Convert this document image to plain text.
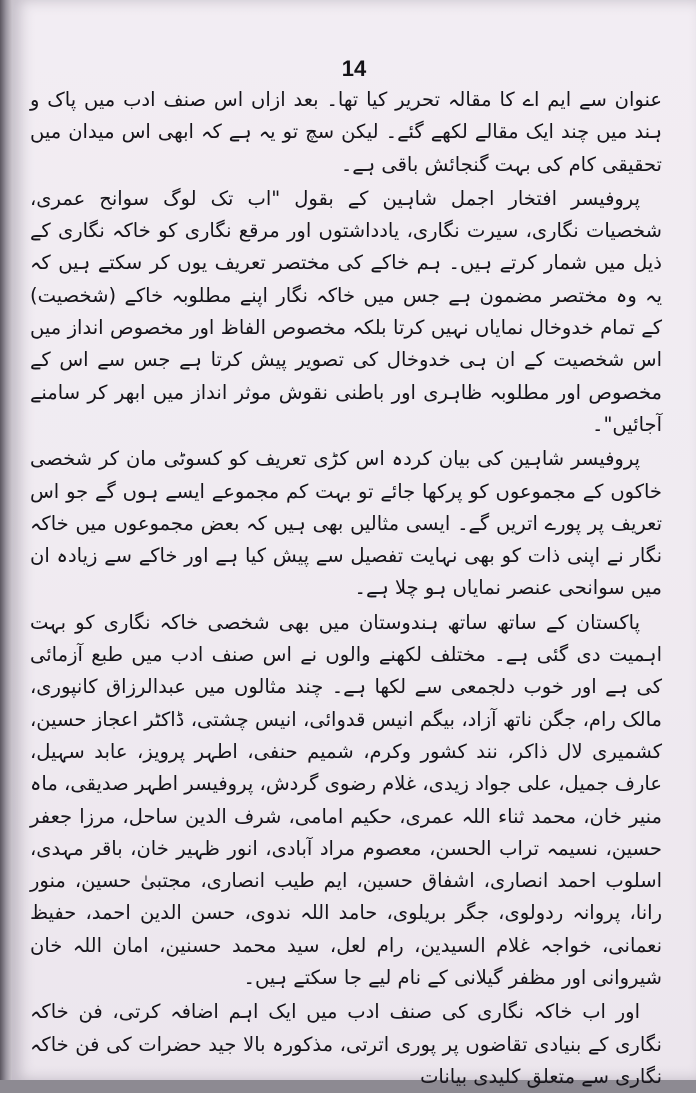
14

عنوان سے ایم اے کا مقالہ تحریر کیا تھا۔ بعد ازاں اس صنف ادب میں پاک و ہند میں چند ایک مقالے لکھے گئے۔ لیکن سچ تو یہ ہے کہ ابھی اس میدان میں تحقیقی کام کی بہت گنجائش باقی ہے۔

پروفیسر افتخار اجمل شاہین کے بقول "اب تک لوگ سوانح عمری، شخصیات نگاری، سیرت نگاری، یادداشتوں اور مرقع نگاری کو خاکہ نگاری کے ذیل میں شمار کرتے ہیں۔ ہم خاکے کی مختصر تعریف یوں کر سکتے ہیں کہ یہ وہ مختصر مضمون ہے جس میں خاکہ نگار اپنے مطلوبہ خاکے (شخصیت) کے تمام خدوخال نمایاں نہیں کرتا بلکہ مخصوص الفاظ اور مخصوص انداز میں اس شخصیت کے ان ہی خدوخال کی تصویر پیش کرتا ہے جس سے اس کے مخصوص اور مطلوبہ ظاہری اور باطنی نقوش موثر انداز میں ابھر کر سامنے آجائیں"۔

پروفیسر شاہین کی بیان کردہ اس کڑی تعریف کو کسوٹی مان کر شخصی خاکوں کے مجموعوں کو پرکھا جائے تو بہت کم مجموعے ایسے ہوں گے جو اس تعریف پر پورے اتریں گے۔ ایسی مثالیں بھی ہیں کہ بعض مجموعوں میں خاکہ نگار نے اپنی ذات کو بھی نہایت تفصیل سے پیش کیا ہے اور خاکے سے زیادہ ان میں سوانحی عنصر نمایاں ہو چلا ہے۔

پاکستان کے ساتھ ساتھ ہندوستان میں بھی شخصی خاکہ نگاری کو بہت اہمیت دی گئی ہے۔ مختلف لکھنے والوں نے اس صنف ادب میں طبع آزمائی کی ہے اور خوب دلجمعی سے لکھا ہے۔ چند مثالوں میں عبدالرزاق کانپوری، مالک رام، جگن ناتھ آزاد، بیگم انیس قدوائی، انیس چشتی، ڈاکٹر اعجاز حسین، کشمیری لال ذاکر، نند کشور وکرم، شمیم حنفی، اطہر پرویز، عابد سہیل، عارف جمیل، علی جواد زیدی، غلام رضوی گردش، پروفیسر اطہر صدیقی، ماہ منیر خان، محمد ثناء اللہ عمری، حکیم امامی، شرف الدین ساحل، مرزا جعفر حسین، نسیمہ تراب الحسن، معصوم مراد آبادی، انور ظہیر خان، باقر مہدی، اسلوب احمد انصاری، اشفاق حسین، ایم طیب انصاری، مجتبیٰ حسین، منور رانا، پروانہ ردولوی، جگر بریلوی، حامد اللہ ندوی، حسن الدین احمد، حفیظ نعمانی، خواجہ غلام السیدین، رام لعل، سید محمد حسنین، امان اللہ خان شیروانی اور مظفر گیلانی کے نام لیے جا سکتے ہیں۔

اور اب خاکہ نگاری کی صنف ادب میں ایک اہم اضافہ کرتی، فن خاکہ نگاری کے بنیادی تقاضوں پر پوری اترتی، مذکورہ بالا جید حضرات کی فن خاکہ نگاری سے متعلق کلیدی بیانات
